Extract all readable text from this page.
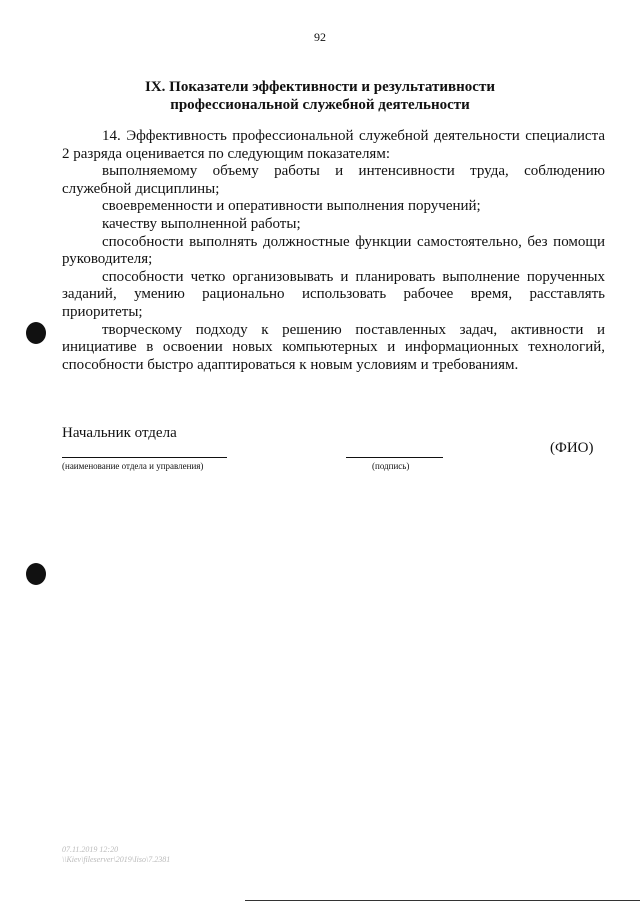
92
IX. Показатели эффективности и результативности
профессиональной служебной деятельности

14. Эффективность профессиональной служебной деятельности специалиста 2 разряда оценивается по следующим показателям:

выполняемому объему работы и интенсивности труда, соблюдению служебной дисциплины;

своевременности и оперативности выполнения поручений;

качеству выполненной работы;

способности выполнять должностные функции самостоятельно, без помощи руководителя;

способности четко организовывать и планировать выполнение порученных заданий, умению рационально использовать рабочее время, расставлять приоритеты;

творческому подходу к решению поставленных задач, активности и инициативе в освоении новых компьютерных и информационных технологий, способности быстро адаптироваться к новым условиям и требованиям.

Начальник отдела
(наименование отдела и управления)	(подпись)
(ФИО)
07.11.2019 12:20
\\Kiev\fileserver\2019\Iiso\7.2381
